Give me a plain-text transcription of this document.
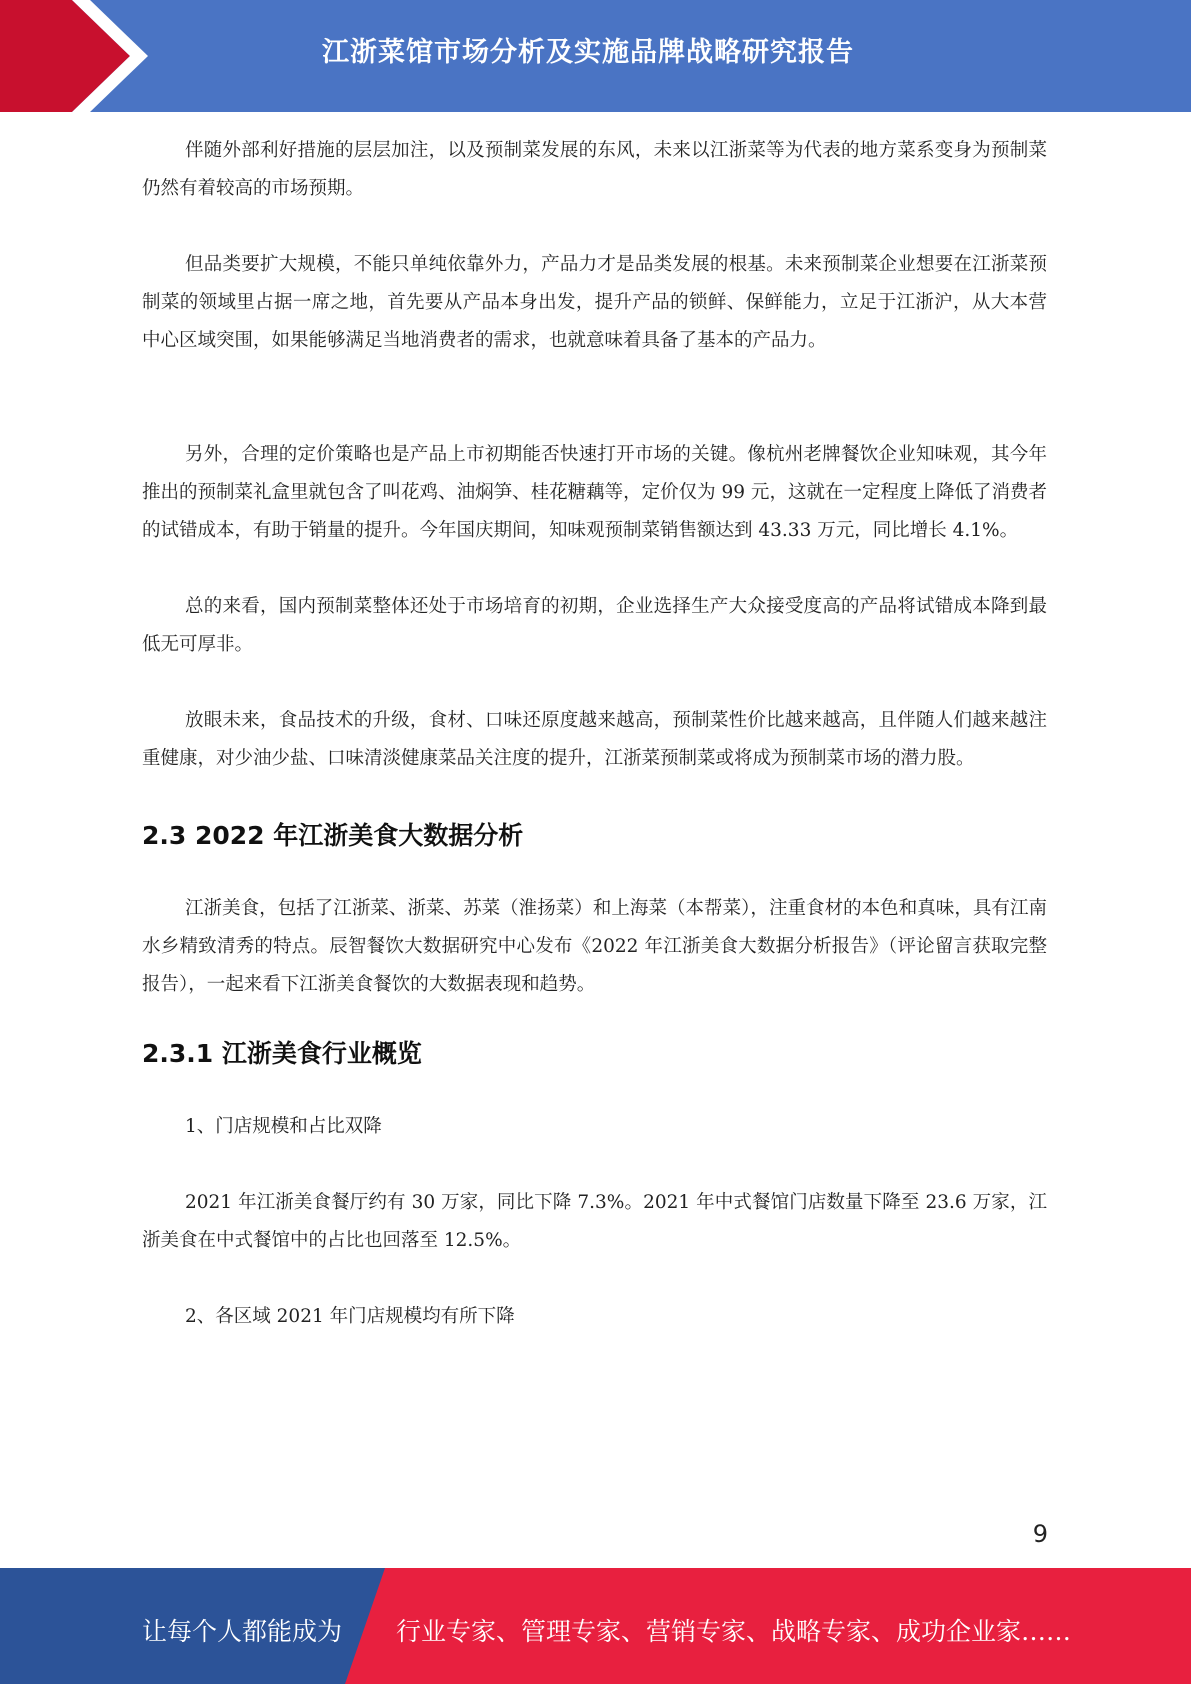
江浙菜馆市场分析及实施品牌战略研究报告

伴随外部利好措施的层层加注，以及预制菜发展的东风，未来以江浙菜等为代表的地方菜系变身为预制菜仍然有着较高的市场预期。

但品类要扩大规模，不能只单纯依靠外力，产品力才是品类发展的根基。未来预制菜企业想要在江浙菜预制菜的领域里占据一席之地，首先要从产品本身出发，提升产品的锁鲜、保鲜能力，立足于江浙沪，从大本营中心区域突围，如果能够满足当地消费者的需求，也就意味着具备了基本的产品力。

另外，合理的定价策略也是产品上市初期能否快速打开市场的关键。像杭州老牌餐饮企业知味观，其今年推出的预制菜礼盒里就包含了叫花鸡、油焖笋、桂花糖藕等，定价仅为 99 元，这就在一定程度上降低了消费者的试错成本，有助于销量的提升。今年国庆期间，知味观预制菜销售额达到 43.33 万元，同比增长 4.1%。

总的来看，国内预制菜整体还处于市场培育的初期，企业选择生产大众接受度高的产品将试错成本降到最低无可厚非。

放眼未来，食品技术的升级，食材、口味还原度越来越高，预制菜性价比越来越高，且伴随人们越来越注重健康，对少油少盐、口味清淡健康菜品关注度的提升，江浙菜预制菜或将成为预制菜市场的潜力股。

2.3 2022 年江浙美食大数据分析

江浙美食，包括了江浙菜、浙菜、苏菜（淮扬菜）和上海菜（本帮菜），注重食材的本色和真味，具有江南水乡精致清秀的特点。辰智餐饮大数据研究中心发布《2022 年江浙美食大数据分析报告》（评论留言获取完整报告），一起来看下江浙美食餐饮的大数据表现和趋势。

2.3.1 江浙美食行业概览

1、门店规模和占比双降

2021 年江浙美食餐厅约有 30 万家，同比下降 7.3%。2021 年中式餐馆门店数量下降至 23.6 万家，江浙美食在中式餐馆中的占比也回落至 12.5%。

2、各区域 2021 年门店规模均有所下降

9
让每个人都能成为 行业专家、管理专家、营销专家、战略专家、成功企业家……
